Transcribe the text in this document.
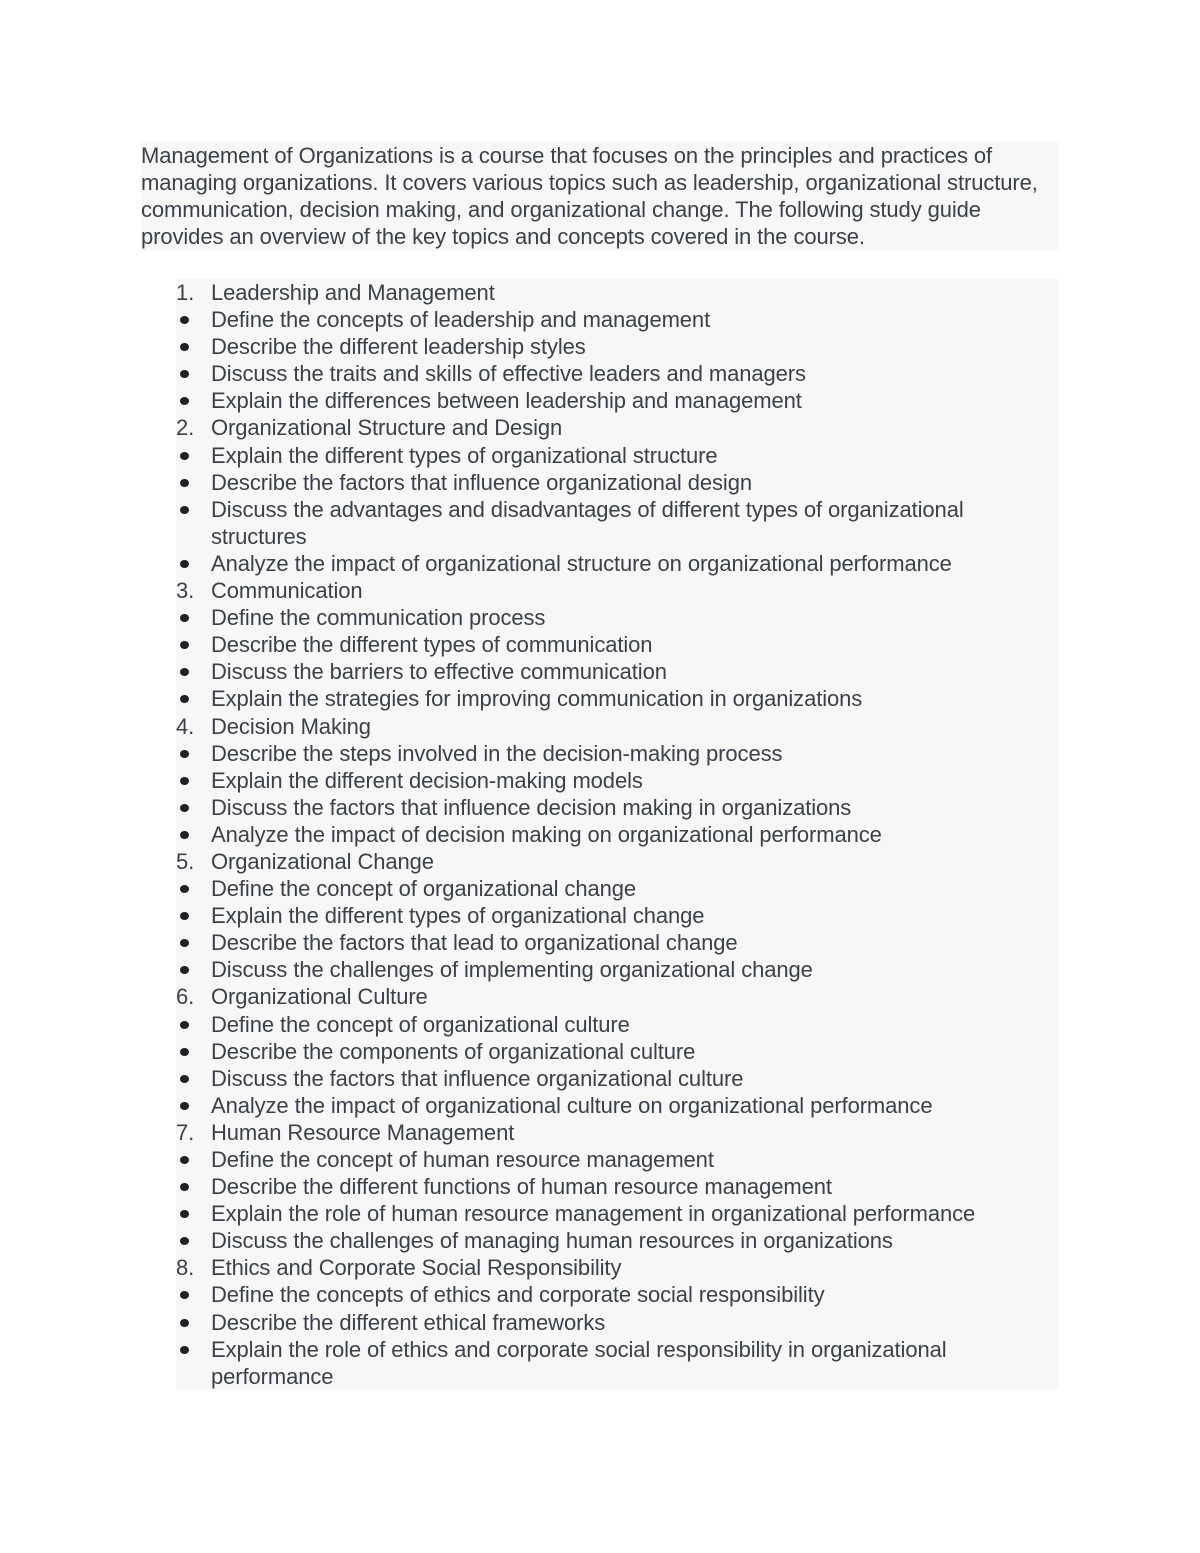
Management of Organizations is a course that focuses on the principles and practices of managing organizations. It covers various topics such as leadership, organizational structure, communication, decision making, and organizational change. The following study guide provides an overview of the key topics and concepts covered in the course.

1. Leadership and Management
Define the concepts of leadership and management
Describe the different leadership styles
Discuss the traits and skills of effective leaders and managers
Explain the differences between leadership and management
2. Organizational Structure and Design
Explain the different types of organizational structure
Describe the factors that influence organizational design
Discuss the advantages and disadvantages of different types of organizational structures
Analyze the impact of organizational structure on organizational performance
3. Communication
Define the communication process
Describe the different types of communication
Discuss the barriers to effective communication
Explain the strategies for improving communication in organizations
4. Decision Making
Describe the steps involved in the decision-making process
Explain the different decision-making models
Discuss the factors that influence decision making in organizations
Analyze the impact of decision making on organizational performance
5. Organizational Change
Define the concept of organizational change
Explain the different types of organizational change
Describe the factors that lead to organizational change
Discuss the challenges of implementing organizational change
6. Organizational Culture
Define the concept of organizational culture
Describe the components of organizational culture
Discuss the factors that influence organizational culture
Analyze the impact of organizational culture on organizational performance
7. Human Resource Management
Define the concept of human resource management
Describe the different functions of human resource management
Explain the role of human resource management in organizational performance
Discuss the challenges of managing human resources in organizations
8. Ethics and Corporate Social Responsibility
Define the concepts of ethics and corporate social responsibility
Describe the different ethical frameworks
Explain the role of ethics and corporate social responsibility in organizational performance
